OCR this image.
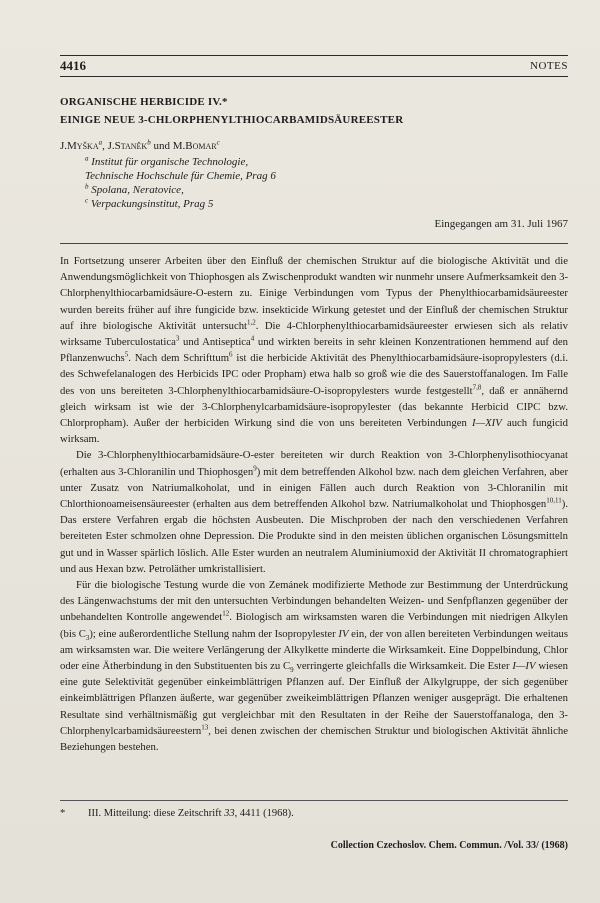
4416	NOTES
ORGANISCHE HERBICIDE IV.*
EINIGE NEUE 3-CHLORPHENYLTHIOCARBAMIDSÄUREESTER
J.Myška$^a$, J.Staněk$^b$ und M.Bomar$^c$
$^a$ Institut für organische Technologie,
Technische Hochschule für Chemie, Prag 6
$^b$ Spolana, Neratovice,
$^c$ Verpackungsinstitut, Prag 5
Eingegangen am 31. Juli 1967

In Fortsetzung unserer Arbeiten über den Einfluß der chemischen Struktur auf die biologische Aktivität und die Anwendungsmöglichkeit von Thiophosgen als Zwischenprodukt wandten wir nunmehr unsere Aufmerksamkeit den 3-Chlorphenylthiocarbamidsäure-O-estern zu. Einige Verbindungen vom Typus der Phenylthiocarbamidsäureester wurden bereits früher auf ihre fungicide bzw. insekticide Wirkung getestet und der Einfluß der chemischen Struktur auf ihre biologische Aktivität untersucht$^{1,2}$. Die 4-Chlorphenylthiocarbamidsäureester erwiesen sich als relativ wirksame Tuberculostatica$^3$ und Antiseptica$^4$ und wirkten bereits in sehr kleinen Konzentrationen hemmend auf den Pflanzenwuchs$^5$. Nach dem Schrifttum$^6$ ist die herbicide Aktivität des Phenylthiocarbamidsäure-isopropylesters (d.i. des Schwefelanalogen des Herbicids IPC oder Propham) etwa halb so groß wie die des Sauerstoffanalogen. Im Falle des von uns bereiteten 3-Chlorphenylthiocarbamidsäure-O-isopropylesters wurde festgestellt$^{7,8}$, daß er annähernd gleich wirksam ist wie der 3-Chlorphenylcarbamidsäure-isopropylester (das bekannte Herbicid CIPC bzw. Chlorpropham). Außer der herbiciden Wirkung sind die von uns bereiteten Verbindungen I—XIV auch fungicid wirksam.

Die 3-Chlorphenylthiocarbamidsäure-O-ester bereiteten wir durch Reaktion von 3-Chlorphenylisothiocyanat (erhalten aus 3-Chloranilin und Thiophosgen$^9$) mit dem betreffenden Alkohol bzw. nach dem gleichen Verfahren, aber unter Zusatz von Natriumalkoholat, und in einigen Fällen auch durch Reaktion von 3-Chloranilin mit Chlorthionoameisensäureester (erhalten aus dem betreffenden Alkohol bzw. Natriumalkoholat und Thiophosgen$^{10,11}$). Das erstere Verfahren ergab die höchsten Ausbeuten. Die Mischproben der nach den verschiedenen Verfahren bereiteten Ester schmolzen ohne Depression. Die Produkte sind in den meisten üblichen organischen Lösungsmitteln gut und in Wasser spärlich löslich. Alle Ester wurden an neutralem Aluminiumoxid der Aktivität II chromatographiert und aus Hexan bzw. Petroläther umkristallisiert.

Für die biologische Testung wurde die von Zemánek modifizierte Methode zur Bestimmung der Unterdrückung des Längenwachstums der mit den untersuchten Verbindungen behandelten Weizen- und Senfpflanzen gegenüber der unbehandelten Kontrolle angewendet$^{12}$. Biologisch am wirksamsten waren die Verbindungen mit niedrigen Alkylen (bis $C_3$); eine außerordentliche Stellung nahm der Isopropylester IV ein, der von allen bereiteten Verbindungen weitaus am wirksamsten war. Die weitere Verlängerung der Alkylkette minderte die Wirksamkeit. Eine Doppelbindung, Chlor oder eine Ätherbindung in den Substituenten bis zu $C_9$ verringerte gleichfalls die Wirksamkeit. Die Ester I—IV wiesen eine gute Selektivität gegenüber einkeimblättrigen Pflanzen auf. Der Einfluß der Alkylgruppe, der sich gegenüber einkeimblättrigen Pflanzen äußerte, war gegenüber zweikeimblättrigen Pflanzen weniger ausgeprägt. Die erhaltenen Resultate sind verhältnismäßig gut vergleichbar mit den Resultaten in der Reihe der Sauerstoffanaloga, den 3-Chlorphenylcarbamidsäureestern$^{13}$, bei denen zwischen der chemischen Struktur und biologischen Aktivität ähnliche Beziehungen bestehen.

* III. Mitteilung: diese Zeitschrift 33, 4411 (1968).
Collection Czechoslov. Chem. Commun. /Vol. 33/ (1968)
